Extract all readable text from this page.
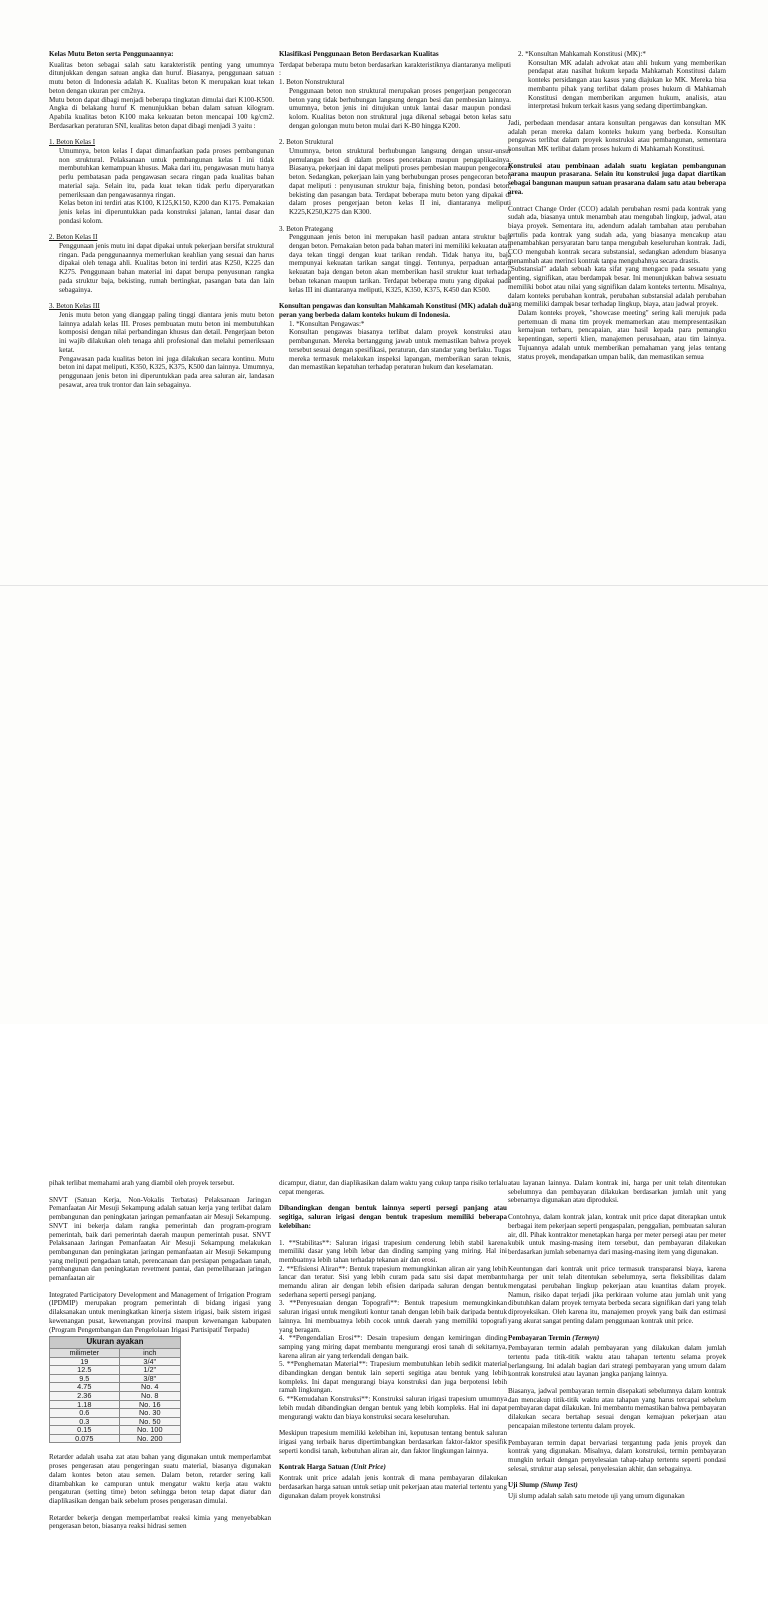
Kelas Mutu Beton serta Penggunaannya:

Kualitas beton sebagai salah satu karakteristik penting yang umumnya ditunjukkan dengan satuan angka dan huruf. Biasanya, penggunaan satuan mutu beton di Indonesia adalah K. Kualitas beton K merupakan kuat tekan beton dengan ukuran per cm2nya.

Mutu beton dapat dibagi menjadi beberapa tingkatan dimulai dari K100-K500. Angka di belakang huruf K menunjukkan beban dalam satuan kilogram. Apabila kualitas beton K100 maka kekuatan beton mencapai 100 kg/cm2. Berdasarkan peraturan SNI, kualitas beton dapat dibagi menjadi 3 yaitu :

1. Beton Kelas I

Umumnya, beton kelas I dapat dimanfaatkan pada proses pembangunan non struktural. Pelaksanaan untuk pembangunan kelas I ini tidak membutuhkan kemampuan khusus. Maka dari itu, pengawasan mutu hanya perlu pembatasan pada pengawasan secara ringan pada kualitas bahan material saja. Selain itu, pada kuat tekan tidak perlu diperyaratkan pemeriksaan dan pengawasannya ringan.

Kelas beton ini terdiri atas K100, K125,K150, K200 dan K175. Pemakaian jenis kelas ini diperuntukkan pada konstruksi jalanan, lantai dasar dan pondasi kolom.

2. Beton Kelas II

Penggunaan jenis mutu ini dapat dipakai untuk pekerjaan bersifat struktural ringan. Pada penggunaannya memerlukan keahlian yang sesuai dan harus dipakai oleh tenaga ahli. Kualitas beton ini terdiri atas K250, K225 dan K275. Penggunaan bahan material ini dapat berupa penyusunan rangka pada struktur baja, bekisting, rumah bertingkat, pasangan bata dan lain sebagainya.

3. Beton Kelas III

Jenis mutu beton yang dianggap paling tinggi diantara jenis mutu beton lainnya adalah kelas III. Proses pembuatan mutu beton ini membutuhkan komposisi dengan nilai perbandingan khusus dan detail. Pengerjaan beton ini wajib dilakukan oleh tenaga ahli profesional dan melalui pemeriksaan ketat.

Pengawasan pada kualitas beton ini juga dilakukan secara kontinu. Mutu beton ini dapat meliputi, K350, K325, K375, K500 dan lainnya. Umumnya, penggunaan jenis beton ini diperuntukkan pada area saluran air, landasan pesawat, area truk trontor dan lain sebagainya.

Klasifikasi Penggunaan Beton Berdasarkan Kualitas

Terdapat beberapa mutu beton berdasarkan karakteristiknya diantaranya meliputi :

1. Beton Nonstruktural

Penggunaan beton non struktural merupakan proses pengerjaan pengecoran beton yang tidak berhubungan langsung dengan besi dan pembesian lainnya. umumnya, beton jenis ini ditujukan untuk lantai dasar maupun pondasi kolom. Kualitas beton non struktural juga dikenal sebagai beton kelas satu dengan golongan mutu beton mulai dari K-B0 hingga K200.

2. Beton Struktural

Umumnya, beton struktural berhubungan langsung dengan unsur-unsur pemulangan besi di dalam proses pencetakan maupun pengaplikasinya. Biasanya, pekerjaan ini dapat meliputi proses pembesian maupun pengecoran beton. Sedangkan, pekerjaan lain yang berhubungan proses pengecoran beton dapat meliputi : penyusunan struktur baja, finishing beton, pondasi beton, bekisting dan pasangan bata. Terdapat beberapa mutu beton yang dipakai di dalam proses pengerjaan beton kelas II ini, diantaranya meliputi K225,K250,K275 dan K300.

3. Beton Prategang

Penggunaan jenis beton ini merupakan hasil paduan antara struktur baja dengan beton. Pemakaian beton pada bahan materi ini memiliki kekuatan atau daya tekan tinggi dengan kuat tarikan rendah. Tidak hanya itu, baja mempunyai kekuatan tarikan sangat tinggi. Tentunya, perpaduan antara kekuatan baja dengan beton akan memberikan hasil struktur kuat terhadap beban tekanan maupun tarikan. Terdapat beberapa mutu yang dipakai pada kelas III ini diantaranya meliputi, K325, K350, K375, K450 dan K500.

Konsultan pengawas dan konsultan Mahkamah Konstitusi (MK) adalah dua peran yang berbeda dalam konteks hukum di Indonesia.

1. *Konsultan Pengawas:*

Konsultan pengawas biasanya terlibat dalam proyek konstruksi atau pembangunan. Mereka bertanggung jawab untuk memastikan bahwa proyek tersebut sesuai dengan spesifikasi, peraturan, dan standar yang berlaku. Tugas mereka termasuk melakukan inspeksi lapangan, memberikan saran teknis, dan memastikan kepatuhan terhadap peraturan hukum dan keselamatan.

2. *Konsultan Mahkamah Konstitusi (MK):*

Konsultan MK adalah advokat atau ahli hukum yang memberikan pendapat atau nasihat hukum kepada Mahkamah Konstitusi dalam konteks persidangan atau kasus yang diajukan ke MK. Mereka bisa membantu pihak yang terlibat dalam proses hukum di Mahkamah Konstitusi dengan memberikan argumen hukum, analisis, atau interpretasi hukum terkait kasus yang sedang dipertimbangkan.

Jadi, perbedaan mendasar antara konsultan pengawas dan konsultan MK adalah peran mereka dalam konteks hukum yang berbeda. Konsultan pengawas terlibat dalam proyek konstruksi atau pembangunan, sementara konsultan MK terlibat dalam proses hukum di Mahkamah Konstitusi.

Konstruksi atau pembinaan adalah suatu kegiatan pembangunan sarana maupun prasarana. Selain itu konstruksi juga dapat diartikan sebagai bangunan maupun satuan prasarana dalam satu atau beberapa area.

Contract Change Order (CCO) adalah perubahan resmi pada kontrak yang sudah ada, biasanya untuk menambah atau mengubah lingkup, jadwal, atau biaya proyek. Sementara itu, adendum adalah tambahan atau perubahan tertulis pada kontrak yang sudah ada, yang biasanya mencakup atau menambahkan persyaratan baru tanpa mengubah keseluruhan kontrak. Jadi, CCO mengubah kontrak secara substansial, sedangkan adendum biasanya menambah atau merinci kontrak tanpa mengubahnya secara drastis.

"Substansial" adalah sebuah kata sifat yang mengacu pada sesuatu yang penting, signifikan, atau berdampak besar. Ini menunjukkan bahwa sesuatu memiliki bobot atau nilai yang signifikan dalam konteks tertentu. Misalnya, dalam konteks perubahan kontrak, perubahan substansial adalah perubahan yang memiliki dampak besar terhadap lingkup, biaya, atau jadwal proyek.

Dalam konteks proyek, "showcase meeting" sering kali merujuk pada pertemuan di mana tim proyek memamerkan atau mempresentasikan kemajuan terbaru, pencapaian, atau hasil kepada para pemangku kepentingan, seperti klien, manajemen perusahaan, atau tim lainnya. Tujuannya adalah untuk memberikan pemahaman yang jelas tentang status proyek, mendapatkan umpan balik, dan memastikan semua

pihak terlibat memahami arah yang diambil oleh proyek tersebut.

SNVT (Satuan Kerja, Non-Vokalis Terbatas) Pelaksanaan Jaringan Pemanfaatan Air Mesuji Sekampung adalah satuan kerja yang terlibat dalam pembangunan dan peningkatan jaringan pemanfaatan air Mesuji Sekampung. SNVT ini bekerja dalam rangka pemerintah dan program-program pemerintah, baik dari pemerintah daerah maupun pemerintah pusat. SNVT Pelaksanaan Jaringan Pemanfaatan Air Mesuji Sekampung melakukan pembangunan dan peningkatan jaringan pemanfaatan air Mesuji Sekampung yang meliputi pengadaan tanah, perencanaan dan persiapan pengadaan tanah, pembangunan dan peningkatan revetment pantai, dan pemeliharaan jaringan pemanfaatan air

Integrated Participatory Development and Management of Irrigation Program (IPDMIP) merupakan program pemerintah di bidang irigasi yang dilaksanakan untuk meningkatkan kinerja sistem irigasi, baik sistem irigasi kewenangan pusat, kewenangan provinsi maupun kewenangan kabupaten (Program Pengembangan dan Pengelolaan Irigasi Partisipatif Terpadu)

Ukuran ayakan
milimeter	inch
19	3/4"
12.5	1/2"
9.5	3/8"
4.75	No. 4
2.36	No. 8
1.18	No. 16
0.6	No. 30
0.3	No. 50
0.15	No. 100
0.075	No. 200

Retarder adalah usaha zat atau bahan yang digunakan untuk memperlambat proses pengerasan atau pengeringan suatu material, biasanya digunakan dalam kontes beton atau semen. Dalam beton, retarder sering kali ditambahkan ke campuran untuk mengatur waktu kerja atau waktu pengaturan (setting time) beton sehingga beton tetap dapat diatur dan diaplikasikan dengan baik sebelum proses pengerasan dimulai.

Retarder bekerja dengan memperlambat reaksi kimia yang menyebabkan pengerasan beton, biasanya reaksi hidrasi semen

dicampur, diatur, dan diaplikasikan dalam waktu yang cukup tanpa risiko terlalu cepat mengeras.

Dibandingkan dengan bentuk lainnya seperti persegi panjang atau segitiga, saluran irigasi dengan bentuk trapesium memiliki beberapa kelebihan:

1. **Stabilitas**: Saluran irigasi trapesium cenderung lebih stabil karena memiliki dasar yang lebih lebar dan dinding samping yang miring. Hal ini membuatnya lebih tahan terhadap tekanan air dan erosi.

2. **Efisiensi Aliran**: Bentuk trapesium memungkinkan aliran air yang lebih lancar dan teratur. Sisi yang lebih curam pada satu sisi dapat membantu memandu aliran air dengan lebih efisien daripada saluran dengan bentuk sederhana seperti persegi panjang.

3. **Penyesuaian dengan Topografi**: Bentuk trapesium memungkinkan saluran irigasi untuk mengikuti kontur tanah dengan lebih baik daripada bentuk lainnya. Ini membuatnya lebih cocok untuk daerah yang memiliki topografi yang beragam.

4. **Pengendalian Erosi**: Desain trapesium dengan kemiringan dinding samping yang miring dapat membantu mengurangi erosi tanah di sekitarnya, karena aliran air yang terkendali dengan baik.

5. **Penghematan Material**: Trapesium membutuhkan lebih sedikit material dibandingkan dengan bentuk lain seperti segitiga atau bentuk yang lebih kompleks. Ini dapat mengurangi biaya konstruksi dan juga berpotensi lebih ramah lingkungan.

6. **Kemudahan Konstruksi**: Konstruksi saluran irigasi trapesium umumnya lebih mudah dibandingkan dengan bentuk yang lebih kompleks. Hal ini dapat mengurangi waktu dan biaya konstruksi secara keseluruhan.

Meskipun trapesium memiliki kelebihan ini, keputusan tentang bentuk saluran irigasi yang terbaik harus dipertimbangkan berdasarkan faktor-faktor spesifik seperti kondisi tanah, kebutuhan aliran air, dan faktor lingkungan lainnya.

Kontrak Harga Satuan (Unit Price)

Kontrak unit price adalah jenis kontrak di mana pembayaran dilakukan berdasarkan harga satuan untuk setiap unit pekerjaan atau material tertentu yang digunakan dalam proyek konstruksi

atau layanan lainnya. Dalam kontrak ini, harga per unit telah ditentukan sebelumnya dan pembayaran dilakukan berdasarkan jumlah unit yang sebenarnya digunakan atau diproduksi.

Contohnya, dalam kontrak jalan, kontrak unit price dapat diterapkan untuk berbagai item pekerjaan seperti pengaspalan, penggalian, pembuatan saluran air, dll. Pihak kontraktor menetapkan harga per meter persegi atau per meter kubik untuk masing-masing item tersebut, dan pembayaran dilakukan berdasarkan jumlah sebenarnya dari masing-masing item yang digunakan.

Keuntungan dari kontrak unit price termasuk transparansi biaya, karena harga per unit telah ditentukan sebelumnya, serta fleksibilitas dalam mengatasi perubahan lingkup pekerjaan atau kuantitas dalam proyek. Namun, risiko dapat terjadi jika perkiraan volume atau jumlah unit yang dibutuhkan dalam proyek ternyata berbeda secara signifikan dari yang telah diproyeksikan. Oleh karena itu, manajemen proyek yang baik dan estimasi yang akurat sangat penting dalam penggunaan kontrak unit price.

Pembayaran Termin (Termyn)

Pembayaran termin adalah pembayaran yang dilakukan dalam jumlah tertentu pada titik-titik waktu atau tahapan tertentu selama proyek berlangsung. Ini adalah bagian dari strategi pembayaran yang umum dalam kontrak konstruksi atau layanan jangka panjang lainnya.

Biasanya, jadwal pembayaran termin disepakati sebelumnya dalam kontrak dan mencakup titik-titik waktu atau tahapan yang harus tercapai sebelum pembayaran dapat dilakukan. Ini membantu memastikan bahwa pembayaran dilakukan secara bertahap sesuai dengan kemajuan pekerjaan atau pencapaian milestone tertentu dalam proyek.

Pembayaran termin dapat bervariasi tergantung pada jenis proyek dan kontrak yang digunakan. Misalnya, dalam konstruksi, termin pembayaran mungkin terkait dengan penyelesaian tahap-tahap tertentu seperti pondasi selesai, struktur atap selesai, penyelesaian akhir, dan sebagainya.

Uji Slump (Slump Test)

Uji slump adalah salah satu metode uji yang umum digunakan
